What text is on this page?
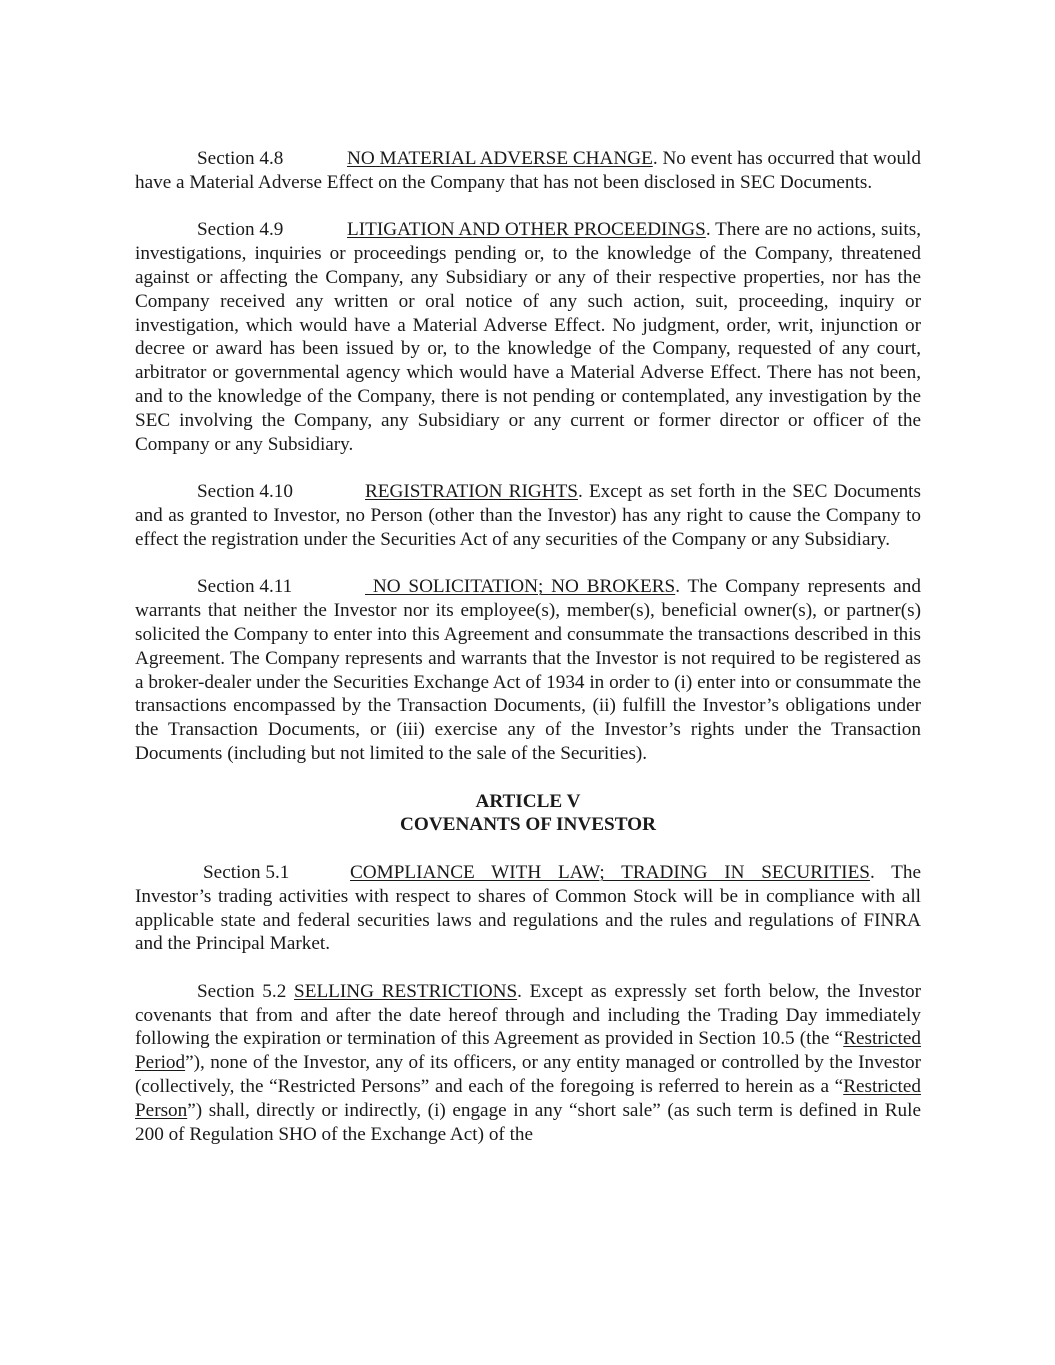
Section 4.8	NO MATERIAL ADVERSE CHANGE. No event has occurred that would have a Material Adverse Effect on the Company that has not been disclosed in SEC Documents.

Section 4.9	LITIGATION AND OTHER PROCEEDINGS. There are no actions, suits, investigations, inquiries or proceedings pending or, to the knowledge of the Company, threatened against or affecting the Company, any Subsidiary or any of their respective properties, nor has the Company received any written or oral notice of any such action, suit, proceeding, inquiry or investigation, which would have a Material Adverse Effect. No judgment, order, writ, injunction or decree or award has been issued by or, to the knowledge of the Company, requested of any court, arbitrator or governmental agency which would have a Material Adverse Effect. There has not been, and to the knowledge of the Company, there is not pending or contemplated, any investigation by the SEC involving the Company, any Subsidiary or any current or former director or officer of the Company or any Subsidiary.

Section 4.10	REGISTRATION RIGHTS. Except as set forth in the SEC Documents and as granted to Investor, no Person (other than the Investor) has any right to cause the Company to effect the registration under the Securities Act of any securities of the Company or any Subsidiary.

Section 4.11	NO SOLICITATION; NO BROKERS. The Company represents and warrants that neither the Investor nor its employee(s), member(s), beneficial owner(s), or partner(s) solicited the Company to enter into this Agreement and consummate the transactions described in this Agreement. The Company represents and warrants that the Investor is not required to be registered as a broker-dealer under the Securities Exchange Act of 1934 in order to (i) enter into or consummate the transactions encompassed by the Transaction Documents, (ii) fulfill the Investor’s obligations under the Transaction Documents, or (iii) exercise any of the Investor’s rights under the Transaction Documents (including but not limited to the sale of the Securities).

ARTICLE V

COVENANTS OF INVESTOR

Section 5.1	COMPLIANCE WITH LAW; TRADING IN SECURITIES. The Investor’s trading activities with respect to shares of Common Stock will be in compliance with all applicable state and federal securities laws and regulations and the rules and regulations of FINRA and the Principal Market.

Section 5.2 SELLING RESTRICTIONS. Except as expressly set forth below, the Investor covenants that from and after the date hereof through and including the Trading Day immediately following the expiration or termination of this Agreement as provided in Section 10.5 (the “Restricted Period”), none of the Investor, any of its officers, or any entity managed or controlled by the Investor (collectively, the “Restricted Persons” and each of the foregoing is referred to herein as a “Restricted Person”) shall, directly or indirectly, (i) engage in any “short sale” (as such term is defined in Rule 200 of Regulation SHO of the Exchange Act) of the
